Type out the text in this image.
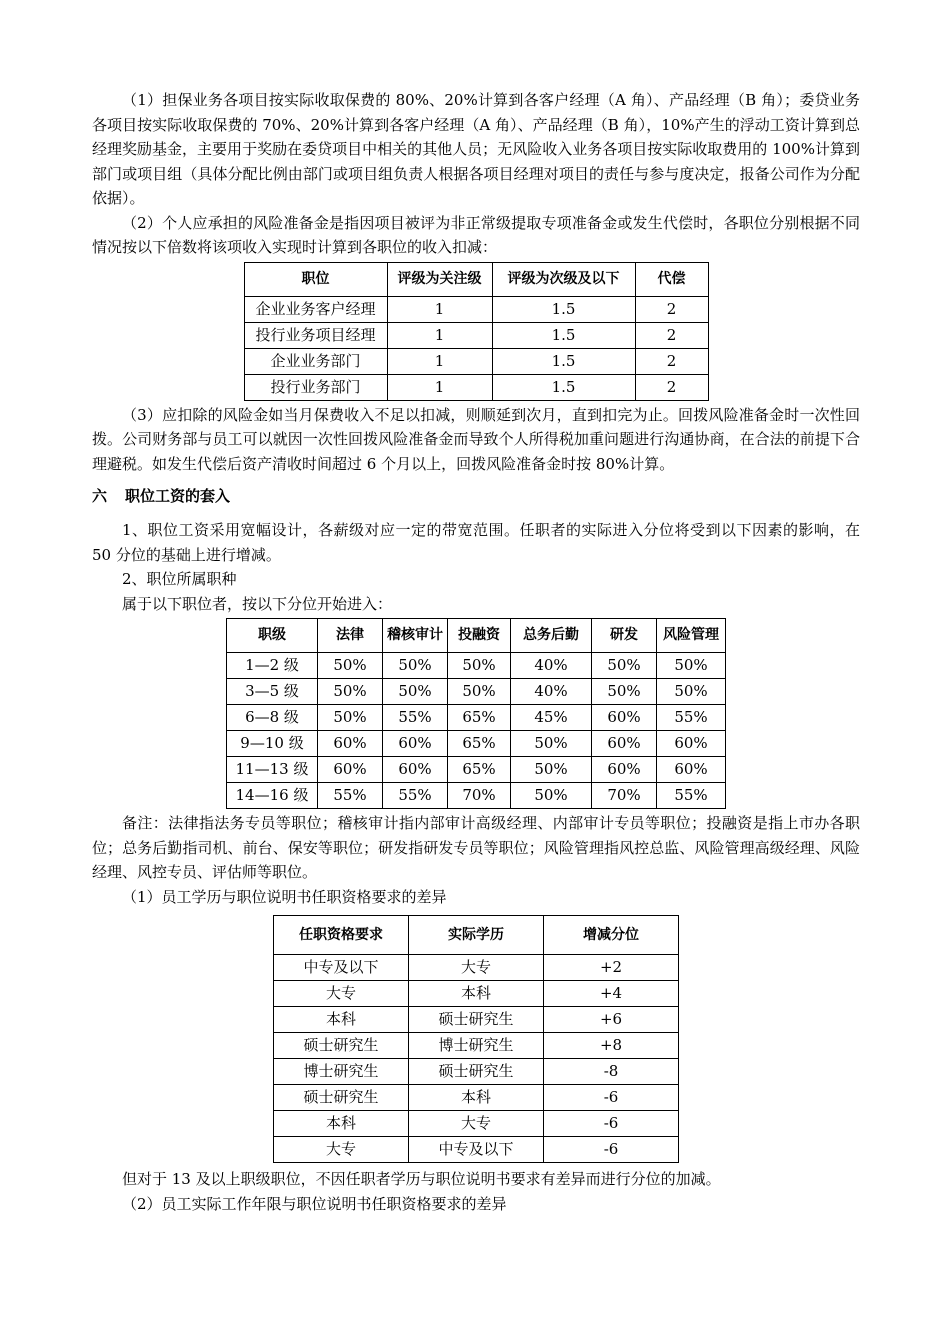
（1）担保业务各项目按实际收取保费的 80%、20%计算到各客户经理（A 角）、产品经理（B 角）；委贷业务各项目按实际收取保费的 70%、20%计算到各客户经理（A 角）、产品经理（B 角），10%产生的浮动工资计算到总经理奖励基金，主要用于奖励在委贷项目中相关的其他人员；无风险收入业务各项目按实际收取费用的 100%计算到部门或项目组（具体分配比例由部门或项目组负责人根据各项目经理对项目的责任与参与度决定，报备公司作为分配依据）。

（2）个人应承担的风险准备金是指因项目被评为非正常级提取专项准备金或发生代偿时，各职位分别根据不同情况按以下倍数将该项收入实现时计算到各职位的收入扣减：

职位	评级为关注级	评级为次级及以下	代偿
企业业务客户经理	1	1.5	2
投行业务项目经理	1	1.5	2
企业业务部门	1	1.5	2
投行业务部门	1	1.5	2

（3）应扣除的风险金如当月保费收入不足以扣减，则顺延到次月，直到扣完为止。回拨风险准备金时一次性回拨。公司财务部与员工可以就因一次性回拨风险准备金而导致个人所得税加重问题进行沟通协商，在合法的前提下合理避税。如发生代偿后资产清收时间超过 6 个月以上，回拨风险准备金时按 80%计算。

六 职位工资的套入

1、职位工资采用宽幅设计，各薪级对应一定的带宽范围。任职者的实际进入分位将受到以下因素的影响，在 50 分位的基础上进行增减。

2、职位所属职种

属于以下职位者，按以下分位开始进入：

职级	法律	稽核审计	投融资	总务后勤	研发	风险管理
1—2 级	50%	50%	50%	40%	50%	50%
3—5 级	50%	50%	50%	40%	50%	50%
6—8 级	50%	55%	65%	45%	60%	55%
9—10 级	60%	60%	65%	50%	60%	60%
11—13 级	60%	60%	65%	50%	60%	60%
14—16 级	55%	55%	70%	50%	70%	55%

备注：法律指法务专员等职位；稽核审计指内部审计高级经理、内部审计专员等职位；投融资是指上市办各职位；总务后勤指司机、前台、保安等职位；研发指研发专员等职位；风险管理指风控总监、风险管理高级经理、风险经理、风控专员、评估师等职位。

（1）员工学历与职位说明书任职资格要求的差异

任职资格要求	实际学历	增减分位
中专及以下	大专	+2
大专	本科	+4
本科	硕士研究生	+6
硕士研究生	博士研究生	+8
博士研究生	硕士研究生	-8
硕士研究生	本科	-6
本科	大专	-6
大专	中专及以下	-6

但对于 13 及以上职级职位，不因任职者学历与职位说明书要求有差异而进行分位的加减。

（2）员工实际工作年限与职位说明书任职资格要求的差异
